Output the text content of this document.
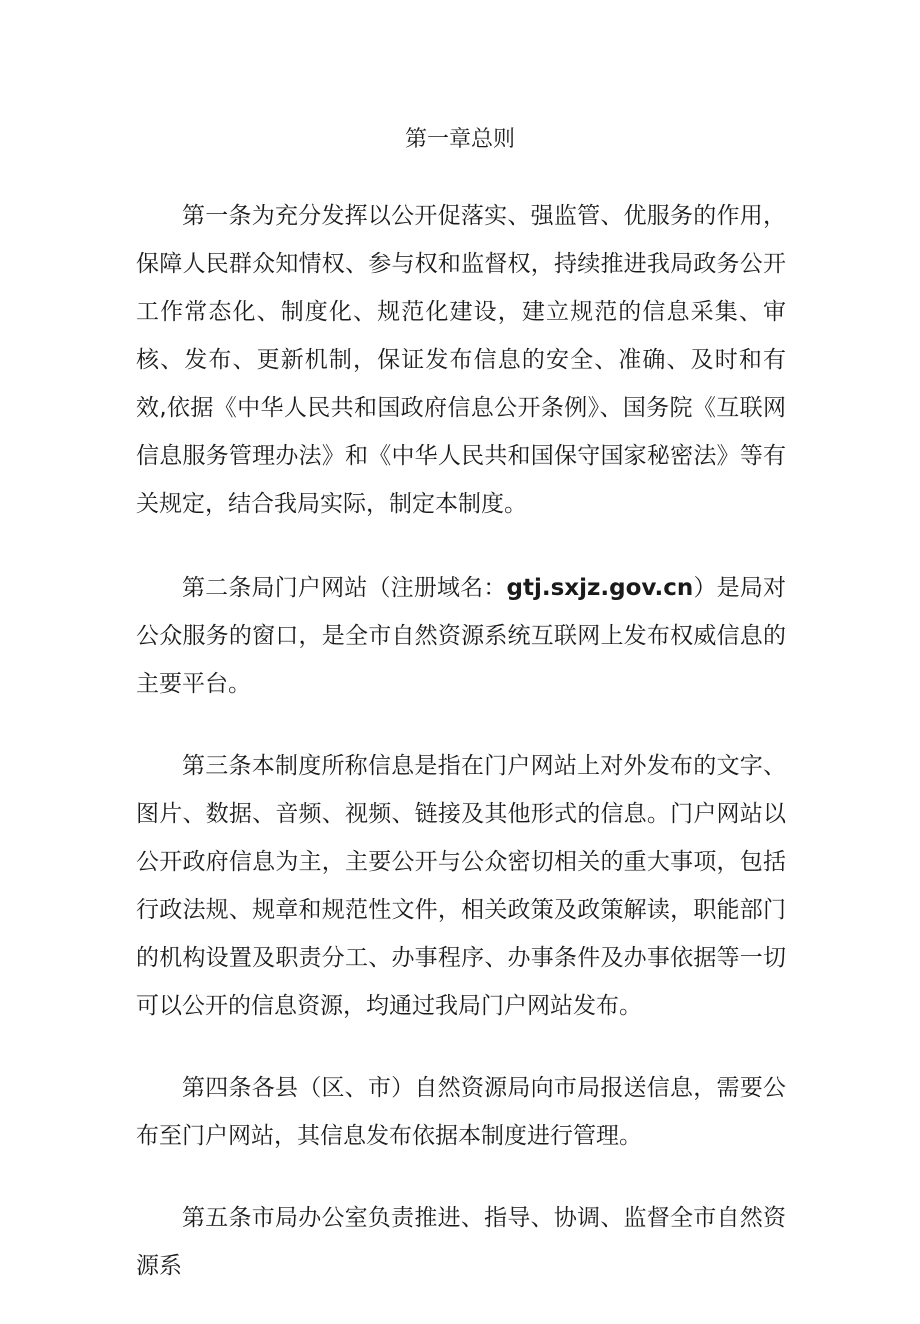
第一章总则

第一条为充分发挥以公开促落实、强监管、优服务的作用，保障人民群众知情权、参与权和监督权，持续推进我局政务公开工作常态化、制度化、规范化建设，建立规范的信息采集、审核、发布、更新机制，保证发布信息的安全、准确、及时和有效,依据《中华人民共和国政府信息公开条例》、国务院《互联网信息服务管理办法》和《中华人民共和国保守国家秘密法》等有关规定，结合我局实际，制定本制度。

第二条局门户网站（注册域名：gtj.sxjz.gov.cn）是局对公众服务的窗口，是全市自然资源系统互联网上发布权威信息的主要平台。

第三条本制度所称信息是指在门户网站上对外发布的文字、图片、数据、音频、视频、链接及其他形式的信息。门户网站以公开政府信息为主，主要公开与公众密切相关的重大事项，包括行政法规、规章和规范性文件，相关政策及政策解读，职能部门的机构设置及职责分工、办事程序、办事条件及办事依据等一切可以公开的信息资源，均通过我局门户网站发布。

第四条各县（区、市）自然资源局向市局报送信息，需要公布至门户网站，其信息发布依据本制度进行管理。

第五条市局办公室负责推进、指导、协调、监督全市自然资源系
